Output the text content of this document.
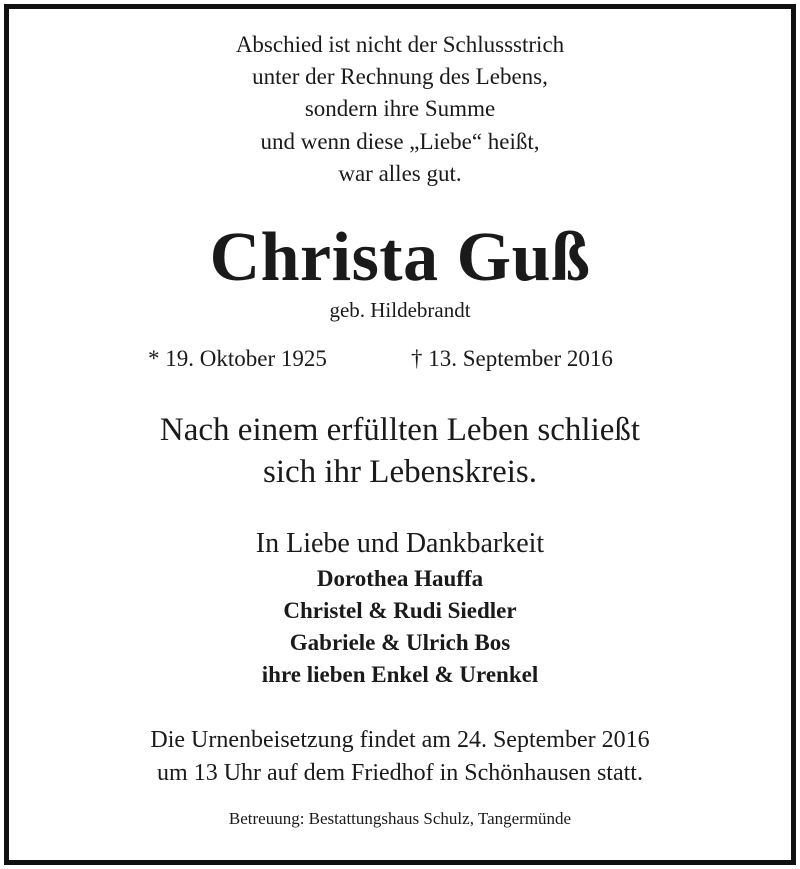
Abschied ist nicht der Schlussstrich
unter der Rechnung des Lebens,
sondern ihre Summe
und wenn diese „Liebe“ heißt,
war alles gut.
Christa Guß
geb. Hildebrandt
* 19. Oktober 1925	† 13. September 2016
Nach einem erfüllten Leben schließt
sich ihr Lebenskreis.
In Liebe und Dankbarkeit
Dorothea Hauffa
Christel & Rudi Siedler
Gabriele & Ulrich Bos
ihre lieben Enkel & Urenkel
Die Urnenbeisetzung findet am 24. September 2016
um 13 Uhr auf dem Friedhof in Schönhausen statt.
Betreuung: Bestattungshaus Schulz, Tangermünde
